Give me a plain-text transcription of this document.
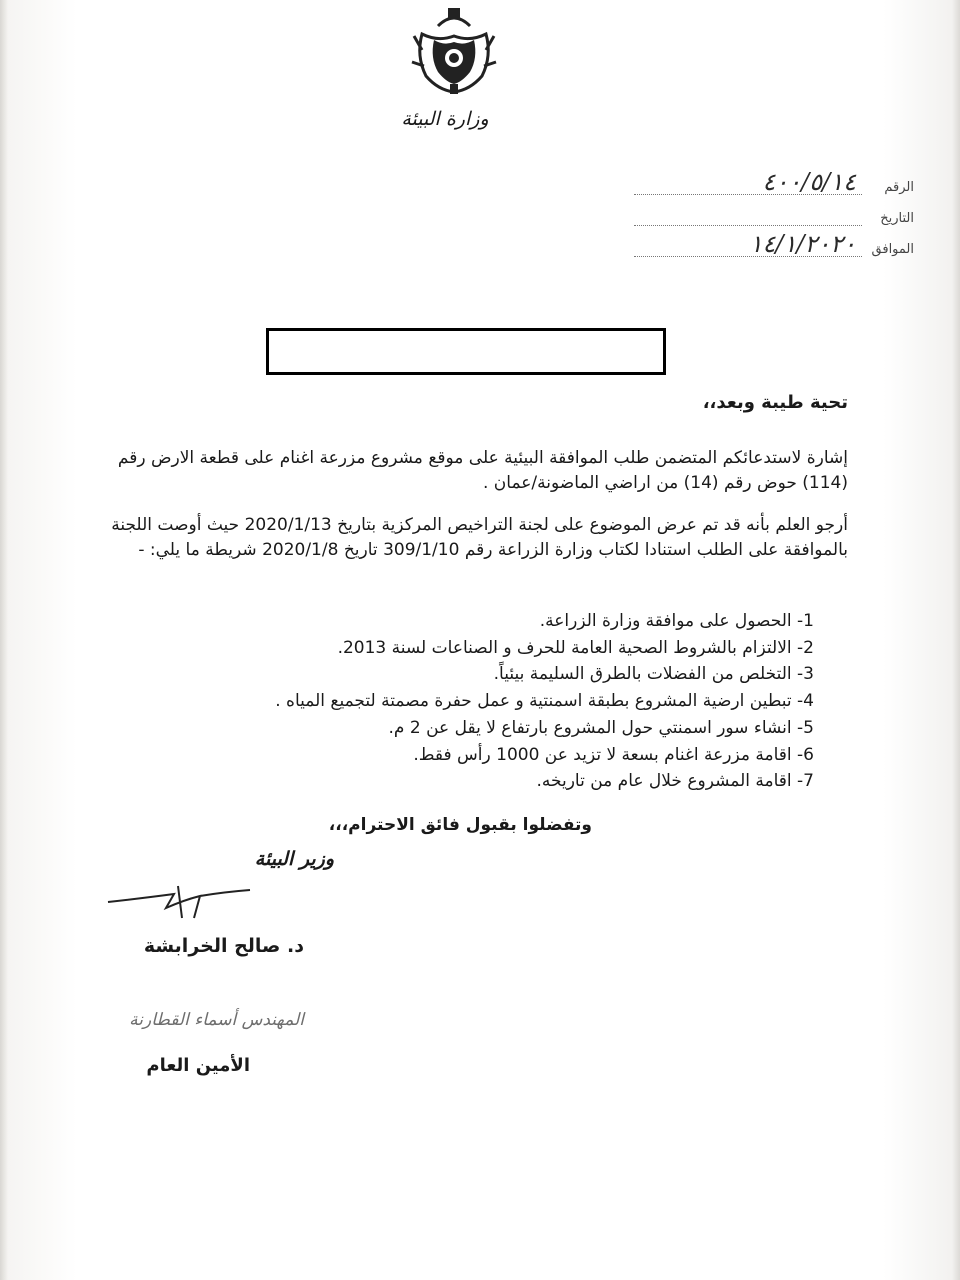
وزارة البيئة
الرقم
٤٠٠/٥/١٤
التاريخ
الموافق
١٤/١/٢٠٢٠
تحية طيبة وبعد،،
إشارة لاستدعائكم المتضمن طلب الموافقة البيئية على موقع مشروع مزرعة اغنام على قطعة الارض رقم (114) حوض رقم (14) من اراضي الماضونة/عمان .
أرجو العلم بأنه قد تم عرض الموضوع على لجنة التراخيص المركزية بتاريخ 2020/1/13 حيث أوصت اللجنة بالموافقة على الطلب استنادا لكتاب وزارة الزراعة رقم 309/1/10 تاريخ 2020/1/8 شريطة ما يلي: -
1- الحصول على موافقة وزارة الزراعة.
2- الالتزام بالشروط الصحية العامة للحرف و الصناعات لسنة 2013.
3- التخلص من الفضلات بالطرق السليمة بيئياً.
4- تبطين ارضية المشروع بطبقة اسمنتية و عمل حفرة مصمتة لتجميع المياه .
5- انشاء سور اسمنتي حول المشروع بارتفاع لا يقل عن 2 م.
6- اقامة مزرعة اغنام بسعة لا تزيد عن 1000 رأس فقط.
7- اقامة المشروع خلال عام من تاريخه.
وتفضلوا بقبول فائق الاحترام،،،
وزير البيئة
د. صالح الخرابشة
المهندس أسماء القطارنة
الأمين العام
